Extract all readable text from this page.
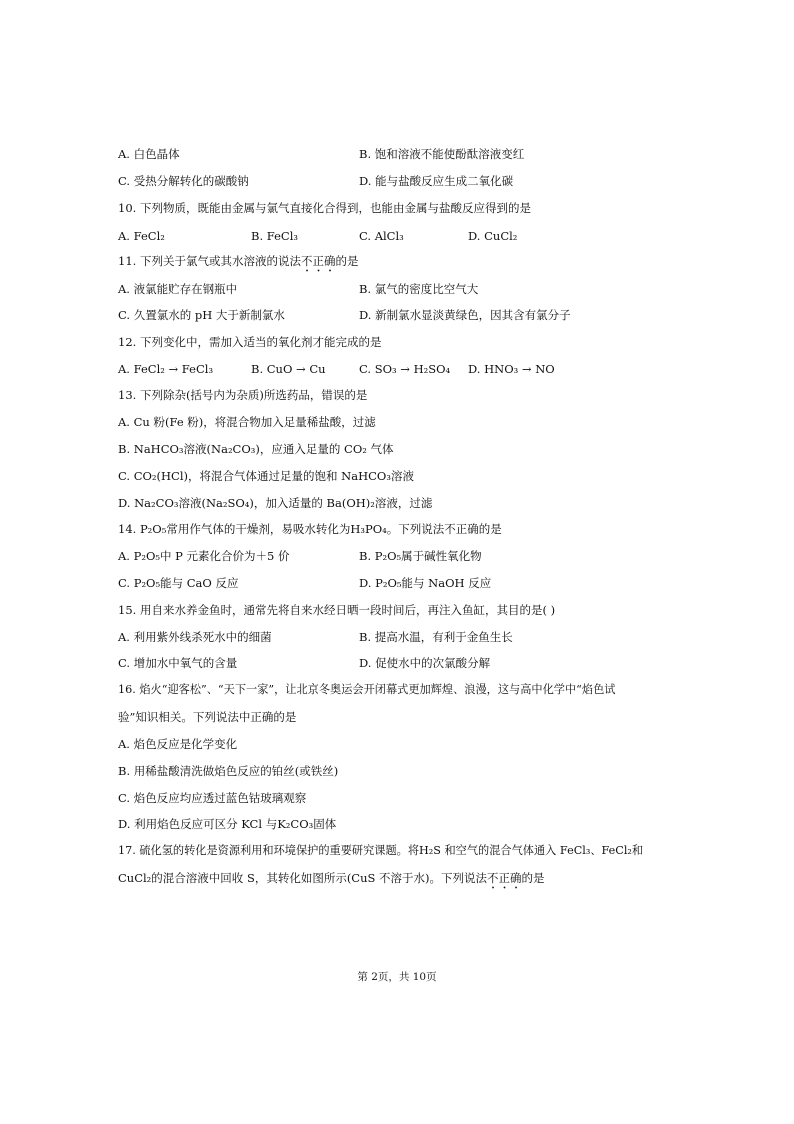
A. 白色晶体	B. 饱和溶液不能使酚酞溶液变红
C. 受热分解转化的碳酸钠	D. 能与盐酸反应生成二氧化碳
10. 下列物质，既能由金属与氯气直接化合得到，也能由金属与盐酸反应得到的是
A. FeCl₂	B. FeCl₃	C. AlCl₃	D. CuCl₂
11. 下列关于氯气或其水溶液的说法不正确的是
A. 液氯能贮存在钢瓶中	B. 氯气的密度比空气大
C. 久置氯水的 pH 大于新制氯水	D. 新制氯水显淡黄绿色，因其含有氯分子
12. 下列变化中，需加入适当的氧化剂才能完成的是
A. FeCl₂ → FeCl₃	B. CuO → Cu	C. SO₃ → H₂SO₄ D. HNO₃ → NO
13. 下列除杂(括号内为杂质)所选药品，错误的是
A. Cu 粉(Fe 粉)，将混合物加入足量稀盐酸，过滤
B. NaHCO₃溶液(Na₂CO₃)，应通入足量的 CO₂ 气体
C. CO₂(HCl)，将混合气体通过足量的饱和 NaHCO₃溶液
D. Na₂CO₃溶液(Na₂SO₄)，加入适量的 Ba(OH)₂溶液，过滤
14. P₂O₅常用作气体的干燥剂，易吸水转化为H₃PO₄。下列说法不正确的是
A. P₂O₅中 P 元素化合价为＋5 价	B. P₂O₅属于碱性氧化物
C. P₂O₅能与 CaO 反应	D. P₂O₅能与 NaOH 反应
15. 用自来水养金鱼时，通常先将自来水经日晒一段时间后，再注入鱼缸，其目的是( )
A. 利用紫外线杀死水中的细菌	B. 提高水温，有利于金鱼生长
C. 增加水中氧气的含量	D. 促使水中的次氯酸分解
16. 焰火“迎客松”、“天下一家”，让北京冬奥运会开闭幕式更加辉煌、浪漫，这与高中化学中“焰色试
验”知识相关。下列说法中正确的是
A. 焰色反应是化学变化
B. 用稀盐酸清洗做焰色反应的铂丝(或铁丝)
C. 焰色反应均应透过蓝色钴玻璃观察
D. 利用焰色反应可区分 KCl 与K₂CO₃固体
17. 硫化氢的转化是资源利用和环境保护的重要研究课题。将H₂S 和空气的混合气体通入 FeCl₃、FeCl₂和
CuCl₂的混合溶液中回收 S，其转化如图所示(CuS 不溶于水)。下列说法不正确的是
第 2页，共 10页
